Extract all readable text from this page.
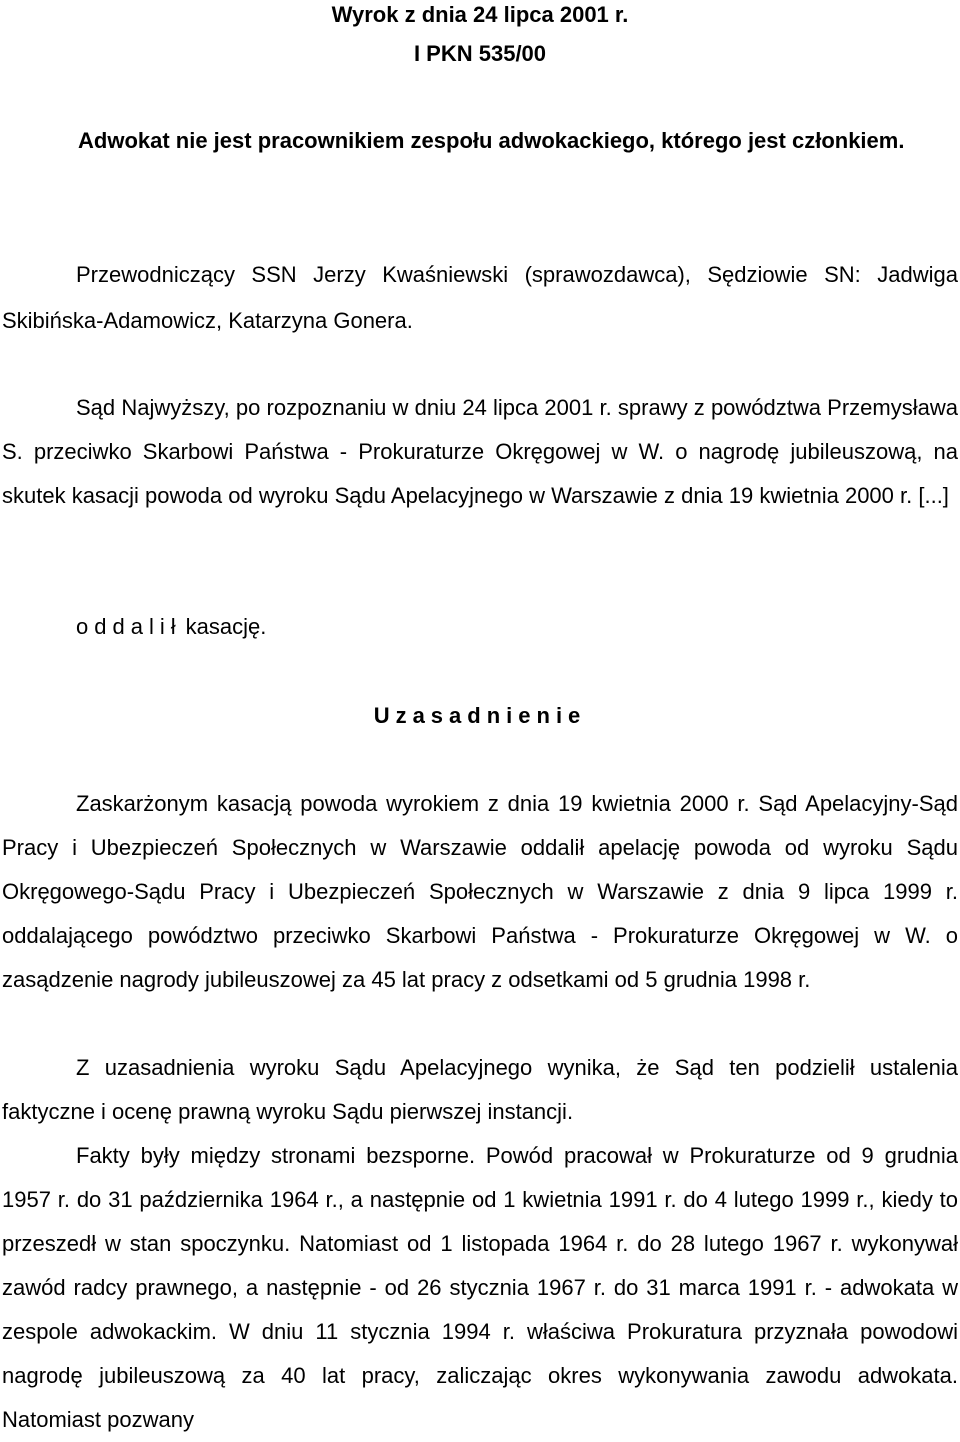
Wyrok z dnia 24 lipca 2001 r.

I PKN 535/00

Adwokat nie jest pracownikiem zespołu adwokackiego, którego jest członkiem.

Przewodniczący SSN Jerzy Kwaśniewski (sprawozdawca), Sędziowie SN: Jadwiga Skibińska-Adamowicz, Katarzyna Gonera.

Sąd Najwyższy, po rozpoznaniu w dniu 24 lipca 2001 r. sprawy z powództwa Przemysława S. przeciwko Skarbowi Państwa - Prokuraturze Okręgowej w W. o nagrodę jubileuszową, na skutek kasacji powoda od wyroku Sądu Apelacyjnego w Warszawie z dnia 19 kwietnia 2000 r. [...]

oddalił kasację.

Uzasadnienie

Zaskarżonym kasacją powoda wyrokiem z dnia 19 kwietnia 2000 r. Sąd Apelacyjny-Sąd Pracy i Ubezpieczeń Społecznych w Warszawie oddalił apelację powoda od wyroku Sądu Okręgowego-Sądu Pracy i Ubezpieczeń Społecznych w Warszawie z dnia 9 lipca 1999 r. oddalającego powództwo przeciwko Skarbowi Państwa - Prokuraturze Okręgowej w W. o zasądzenie nagrody jubileuszowej za 45 lat pracy z odsetkami od 5 grudnia 1998 r.

Z uzasadnienia wyroku Sądu Apelacyjnego wynika, że Sąd ten podzielił ustalenia faktyczne i ocenę prawną wyroku Sądu pierwszej instancji.

Fakty były między stronami bezsporne. Powód pracował w Prokuraturze od 9 grudnia 1957 r. do 31 października 1964 r., a następnie od 1 kwietnia 1991 r. do 4 lutego 1999 r., kiedy to przeszedł w stan spoczynku. Natomiast od 1 listopada 1964 r. do 28 lutego 1967 r. wykonywał zawód radcy prawnego, a następnie - od 26 stycznia 1967 r. do 31 marca 1991 r. - adwokata w zespole adwokackim. W dniu 11 stycznia 1994 r. właściwa Prokuratura przyznała powodowi nagrodę jubileuszową za 40 lat pracy, zaliczając okres wykonywania zawodu adwokata. Natomiast pozwany
